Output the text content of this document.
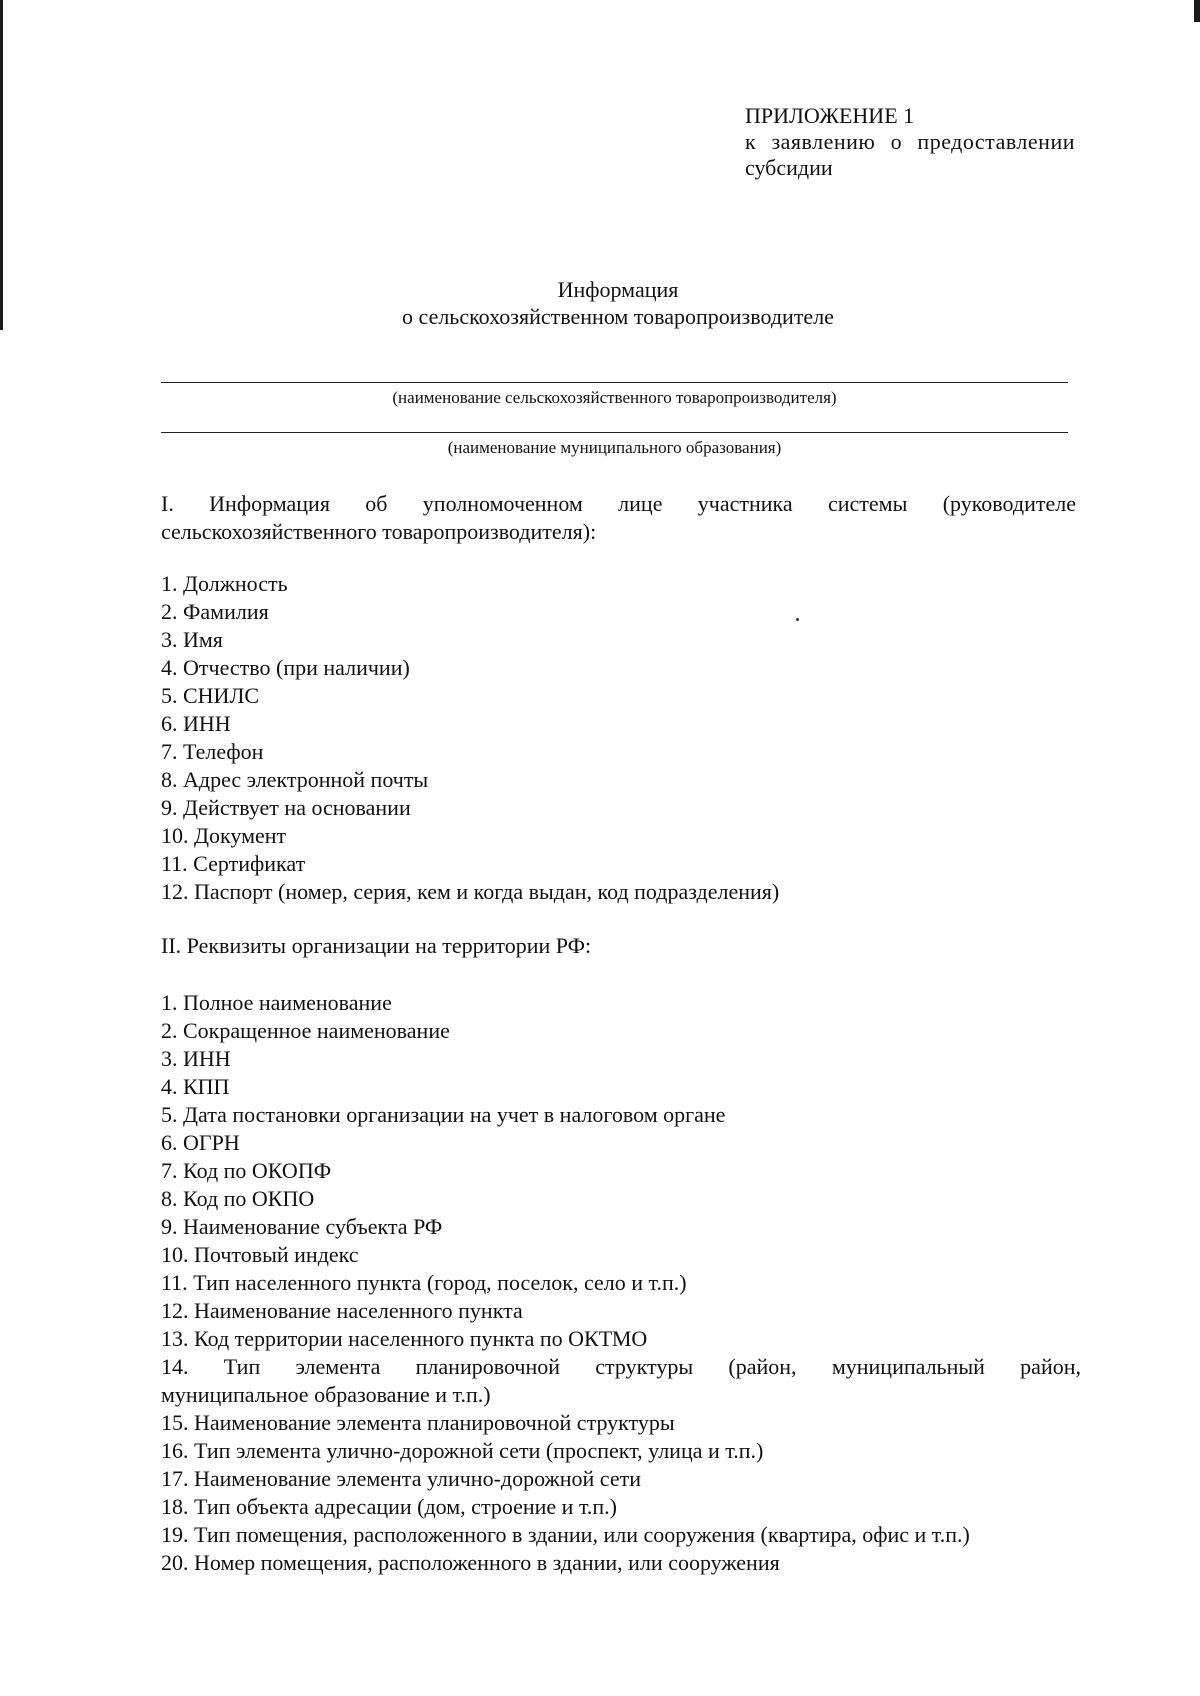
ПРИЛОЖЕНИЕ 1
к заявлению о предоставлении
субсидии
Информация
о сельскохозяйственном товаропроизводителе
(наименование сельскохозяйственного товаропроизводителя)
(наименование муниципального образования)
I. Информация об уполномоченном лице участника системы (руководителе
сельскохозяйственного товаропроизводителя):
1. Должность
2. Фамилия
3. Имя
4. Отчество (при наличии)
5. СНИЛС
6. ИНН
7. Телефон
8. Адрес электронной почты
9. Действует на основании
10. Документ
11. Сертификат
12. Паспорт (номер, серия, кем и когда выдан, код подразделения)
II. Реквизиты организации на территории РФ:
1. Полное наименование
2. Сокращенное наименование
3. ИНН
4. КПП
5. Дата постановки организации на учет в налоговом органе
6. ОГРН
7. Код по ОКОПФ
8. Код по ОКПО
9. Наименование субъекта РФ
10. Почтовый индекс
11. Тип населенного пункта (город, поселок, село и т.п.)
12. Наименование населенного пункта
13. Код территории населенного пункта по ОКТМО
14. Тип элемента планировочной структуры (район, муниципальный район,
муниципальное образование и т.п.)
15. Наименование элемента планировочной структуры
16. Тип элемента улично-дорожной сети (проспект, улица и т.п.)
17. Наименование элемента улично-дорожной сети
18. Тип объекта адресации (дом, строение и т.п.)
19. Тип помещения, расположенного в здании, или сооружения (квартира, офис и т.п.)
20. Номер помещения, расположенного в здании, или сооружения
